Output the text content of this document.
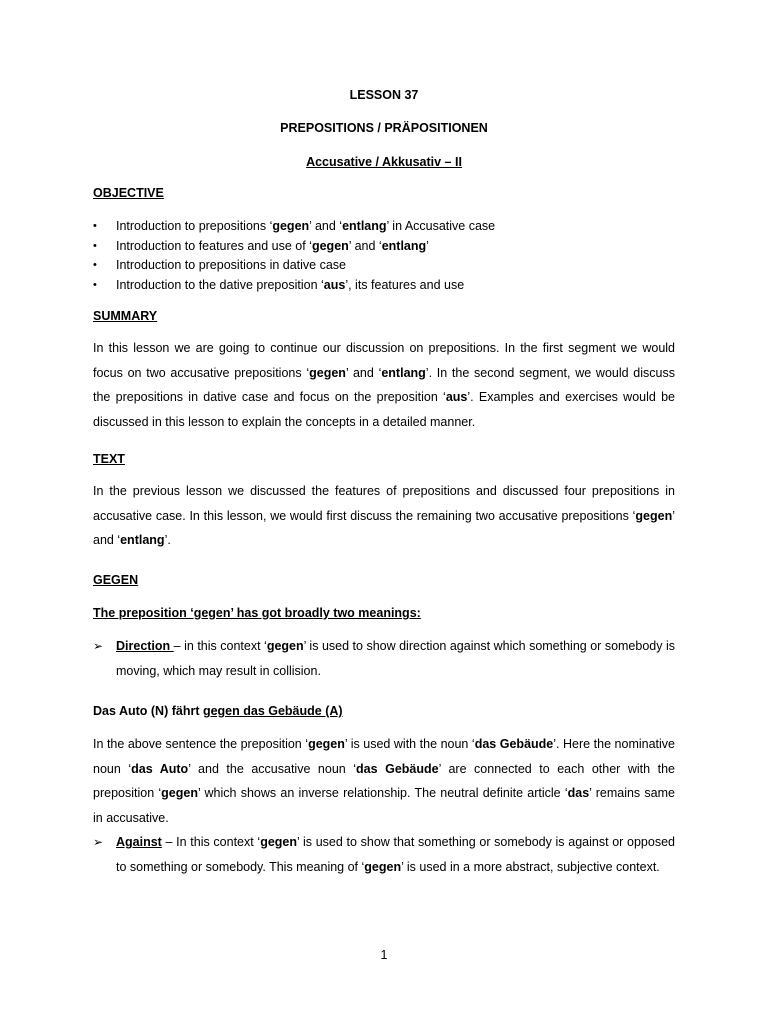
LESSON 37
PREPOSITIONS / PRÄPOSITIONEN
Accusative / Akkusativ – II
OBJECTIVE
• Introduction to prepositions ‘gegen’ and ‘entlang’ in Accusative case
• Introduction to features and use of ‘gegen’ and ‘entlang’
• Introduction to prepositions in dative case
• Introduction to the dative preposition ‘aus’, its features and use
SUMMARY
In this lesson we are going to continue our discussion on prepositions. In the first segment we would focus on two accusative prepositions ‘gegen’ and ‘entlang’. In the second segment, we would discuss the prepositions in dative case and focus on the preposition ‘aus’. Examples and exercises would be discussed in this lesson to explain the concepts in a detailed manner.
TEXT
In the previous lesson we discussed the features of prepositions and discussed four prepositions in accusative case. In this lesson, we would first discuss the remaining two accusative prepositions ‘gegen’ and ‘entlang’.
GEGEN
The preposition ‘gegen’ has got broadly two meanings:
➢ Direction – in this context ‘gegen’ is used to show direction against which something or somebody is moving, which may result in collision.
Das Auto (N) fährt gegen das Gebäude (A)
In the above sentence the preposition ‘gegen’ is used with the noun ‘das Gebäude’. Here the nominative noun ‘das Auto’ and the accusative noun ‘das Gebäude’ are connected to each other with the preposition ‘gegen’ which shows an inverse relationship. The neutral definite article ‘das’ remains same in accusative.
➢ Against – In this context ‘gegen’ is used to show that something or somebody is against or opposed to something or somebody. This meaning of ‘gegen’ is used in a more abstract, subjective context.
1
